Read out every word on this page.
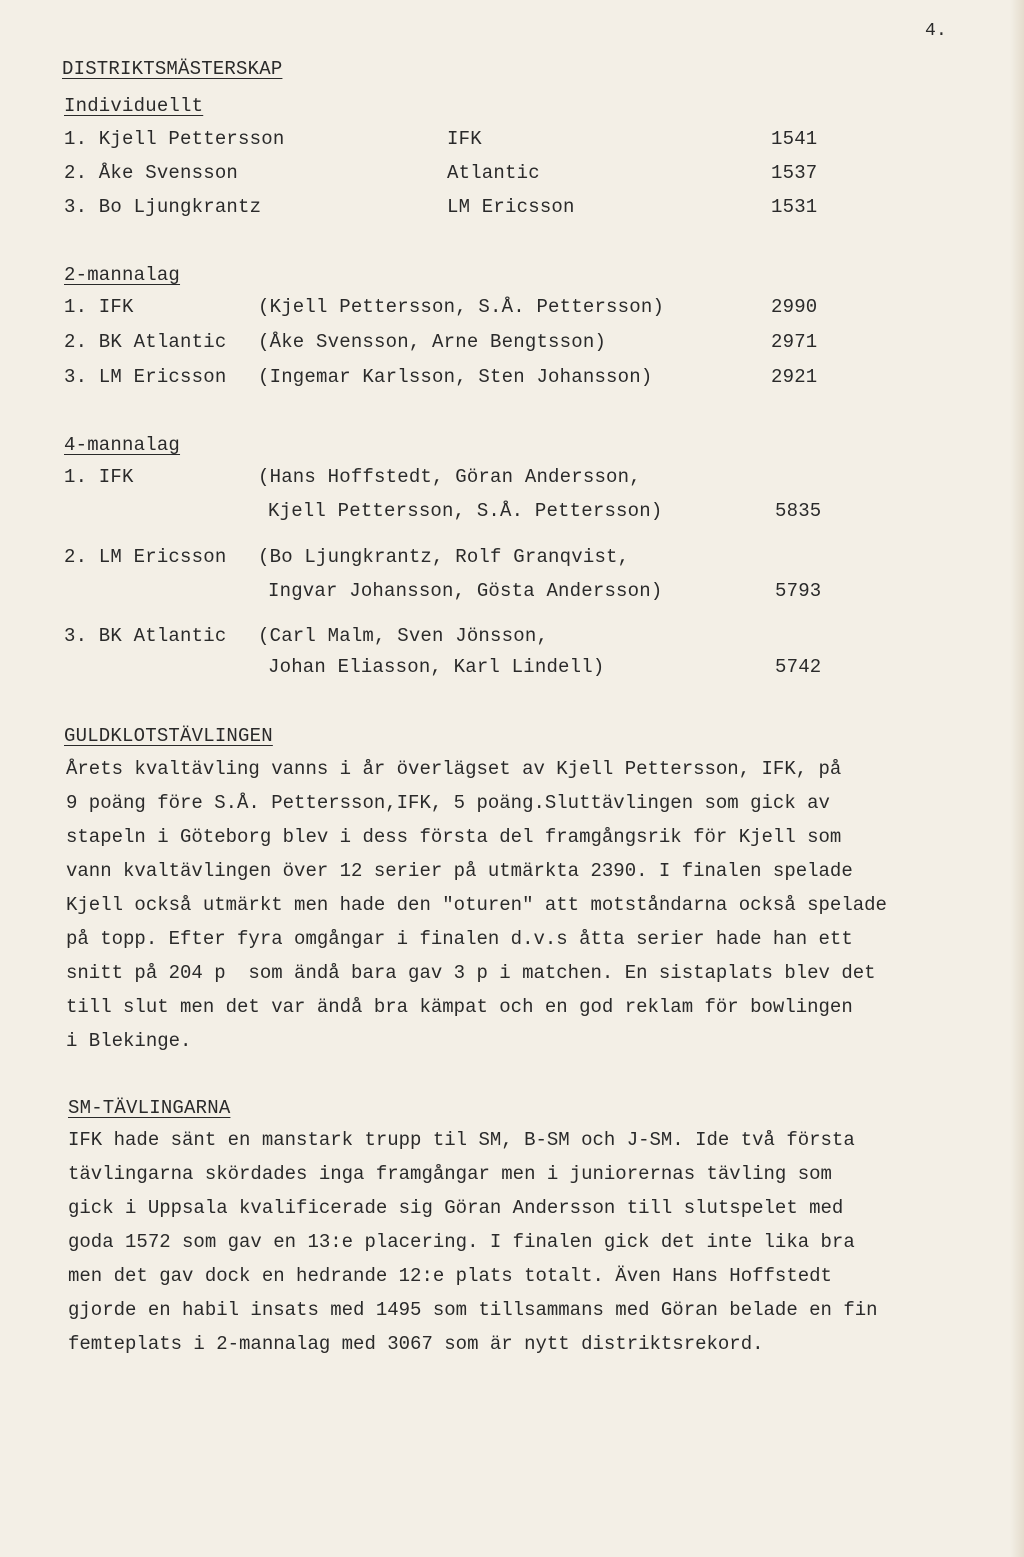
4.
DISTRIKTSMÄSTERSKAP
Individuellt
1. Kjell Pettersson	IFK	1541
2. Åke Svensson	Atlantic	1537
3. Bo Ljungkrantz	LM Ericsson	1531
2-mannalag
1. IFK	(Kjell Pettersson, S.Å. Pettersson)	2990
2. BK Atlantic (Åke Svensson, Arne Bengtsson)	2971
3. LM Ericsson (Ingemar Karlsson, Sten Johansson)	2921
4-mannalag
1. IFK	(Hans Hoffstedt, Göran Andersson,
Kjell Pettersson, S.Å. Pettersson)	5835
2. LM Ericsson (Bo Ljungkrantz, Rolf Granqvist,
Ingvar Johansson, Gösta Andersson)	5793
3. BK Atlantic (Carl Malm, Sven Jönsson,
Johan Eliasson, Karl Lindell)	5742
GULDKLOTSTÄVLINGEN
Årets kvaltävling vanns i år överlägset av Kjell Pettersson, IFK, på
9 poäng före S.Å. Pettersson,IFK, 5 poäng.Sluttävlingen som gick av
stapeln i Göteborg blev i dess första del framgångsrik för Kjell som
vann kvaltävlingen över 12 serier på utmärkta 2390. I finalen spelade
Kjell också utmärkt men hade den "oturen" att motståndarna också spelade
på topp. Efter fyra omgångar i finalen d.v.s åtta serier hade han ett
snitt på 204 p  som ändå bara gav 3 p i matchen. En sistaplats blev det
till slut men det var ändå bra kämpat och en god reklam för bowlingen
i Blekinge.
SM-TÄVLINGARNA
IFK hade sänt en manstark trupp til SM, B-SM och J-SM. Ide två första
tävlingarna skördades inga framgångar men i juniorernas tävling som
gick i Uppsala kvalificerade sig Göran Andersson till slutspelet med
goda 1572 som gav en 13:e placering. I finalen gick det inte lika bra
men det gav dock en hedrande 12:e plats totalt. Även Hans Hoffstedt
gjorde en habil insats med 1495 som tillsammans med Göran belade en fin
femteplats i 2-mannalag med 3067 som är nytt distriktsrekord.
